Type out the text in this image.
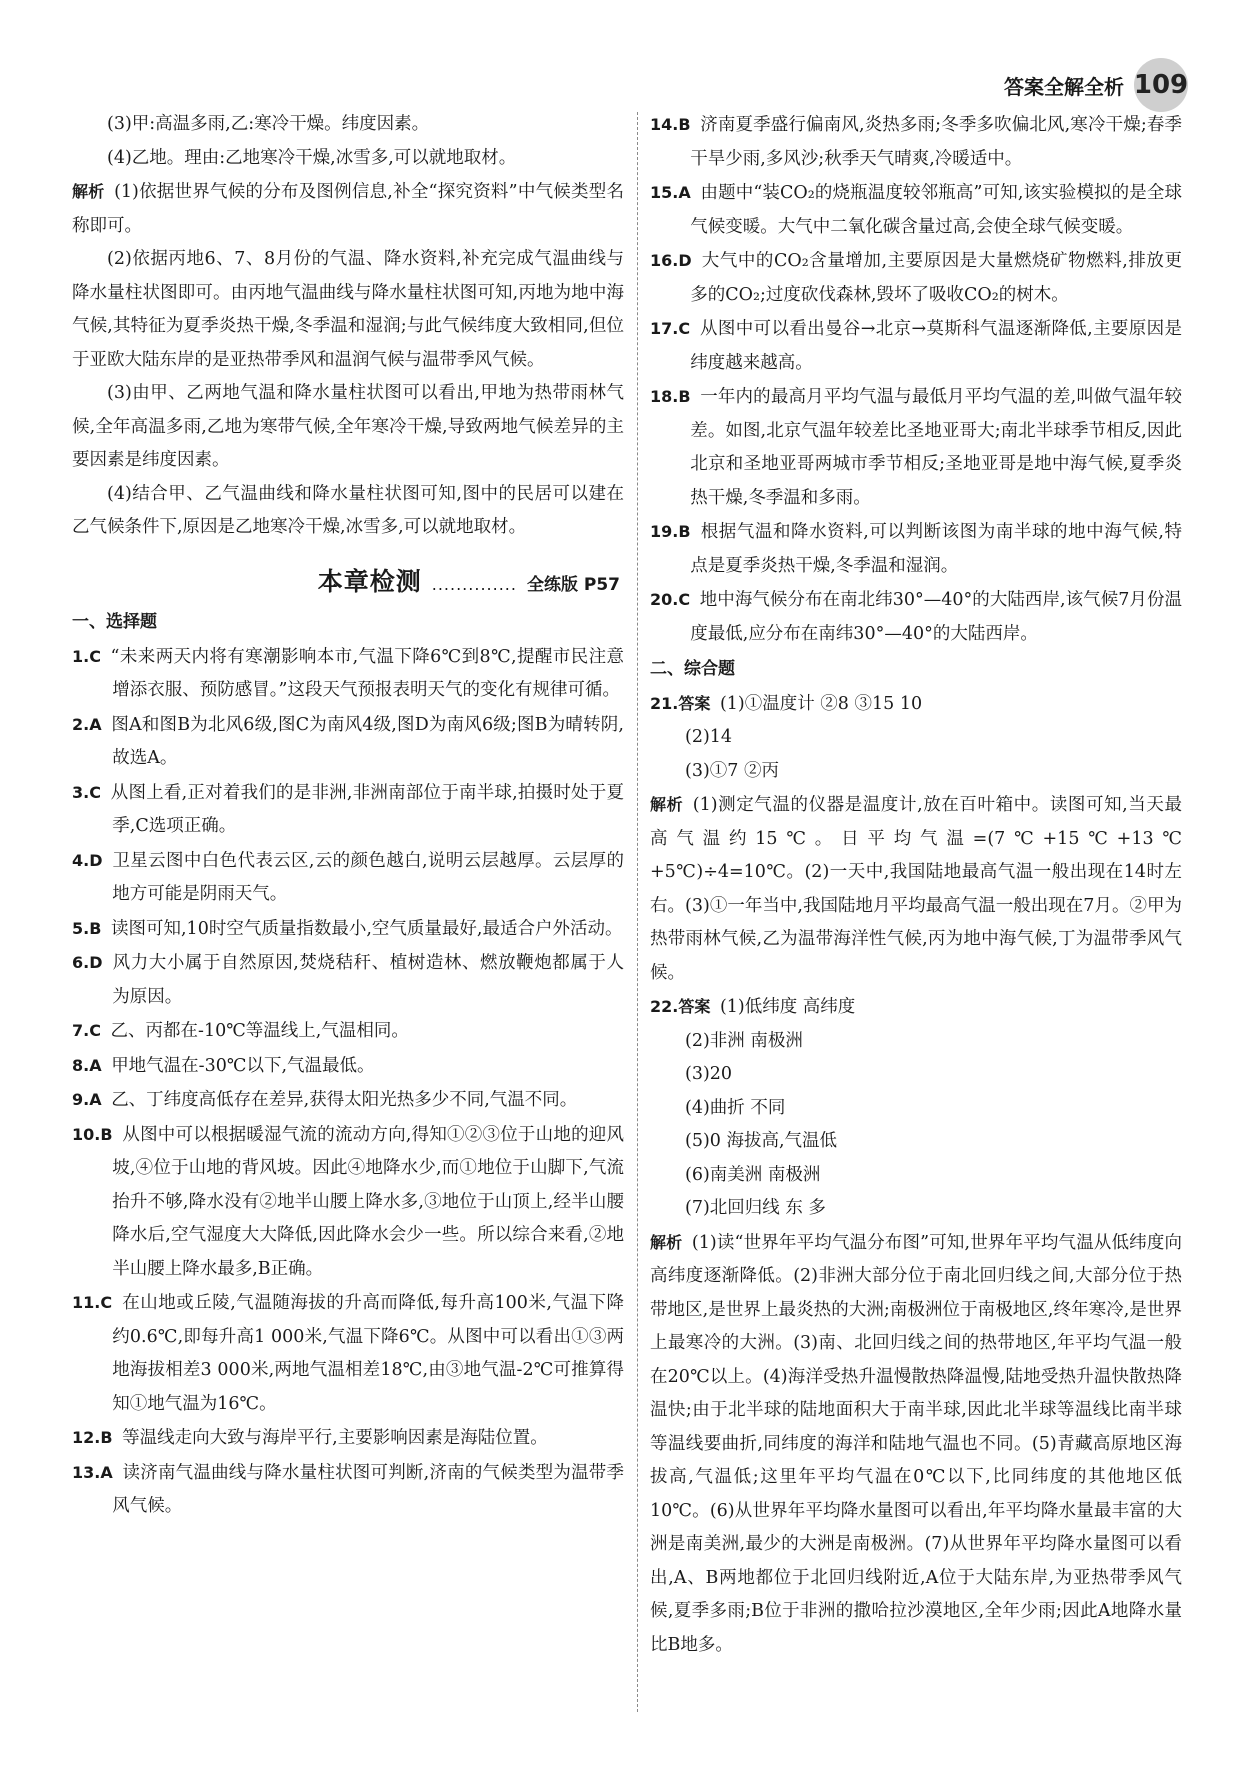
答案全解全析 109

(3)甲:高温多雨,乙:寒冷干燥。纬度因素。

(4)乙地。理由:乙地寒冷干燥,冰雪多,可以就地取材。

解析 (1)依据世界气候的分布及图例信息,补全“探究资料”中气候类型名称即可。

(2)依据丙地6、7、8月份的气温、降水资料,补充完成气温曲线与降水量柱状图即可。由丙地气温曲线与降水量柱状图可知,丙地为地中海气候,其特征为夏季炎热干燥,冬季温和湿润;与此气候纬度大致相同,但位于亚欧大陆东岸的是亚热带季风和温润气候与温带季风气候。

(3)由甲、乙两地气温和降水量柱状图可以看出,甲地为热带雨林气候,全年高温多雨,乙地为寒带气候,全年寒冷干燥,导致两地气候差异的主要因素是纬度因素。

(4)结合甲、乙气温曲线和降水量柱状图可知,图中的民居可以建在乙气候条件下,原因是乙地寒冷干燥,冰雪多,可以就地取材。

本章检测 .............. 全练版 P57

一、选择题

1.C “未来两天内将有寒潮影响本市,气温下降6℃到8℃,提醒市民注意增添衣服、预防感冒。”这段天气预报表明天气的变化有规律可循。

2.A 图A和图B为北风6级,图C为南风4级,图D为南风6级;图B为晴转阴,故选A。

3.C 从图上看,正对着我们的是非洲,非洲南部位于南半球,拍摄时处于夏季,C选项正确。

4.D 卫星云图中白色代表云区,云的颜色越白,说明云层越厚。云层厚的地方可能是阴雨天气。

5.B 读图可知,10时空气质量指数最小,空气质量最好,最适合户外活动。

6.D 风力大小属于自然原因,焚烧秸秆、植树造林、燃放鞭炮都属于人为原因。

7.C 乙、丙都在-10℃等温线上,气温相同。

8.A 甲地气温在-30℃以下,气温最低。

9.A 乙、丁纬度高低存在差异,获得太阳光热多少不同,气温不同。

10.B 从图中可以根据暖湿气流的流动方向,得知①②③位于山地的迎风坡,④位于山地的背风坡。因此④地降水少,而①地位于山脚下,气流抬升不够,降水没有②地半山腰上降水多,③地位于山顶上,经半山腰降水后,空气湿度大大降低,因此降水会少一些。所以综合来看,②地半山腰上降水最多,B正确。

11.C 在山地或丘陵,气温随海拔的升高而降低,每升高100米,气温下降约0.6℃,即每升高1 000米,气温下降6℃。从图中可以看出①③两地海拔相差3 000米,两地气温相差18℃,由③地气温-2℃可推算得知①地气温为16℃。

12.B 等温线走向大致与海岸平行,主要影响因素是海陆位置。

13.A 读济南气温曲线与降水量柱状图可判断,济南的气候类型为温带季风气候。

14.B 济南夏季盛行偏南风,炎热多雨;冬季多吹偏北风,寒冷干燥;春季干旱少雨,多风沙;秋季天气晴爽,冷暖适中。

15.A 由题中“装CO₂的烧瓶温度较邻瓶高”可知,该实验模拟的是全球气候变暖。大气中二氧化碳含量过高,会使全球气候变暖。

16.D 大气中的CO₂含量增加,主要原因是大量燃烧矿物燃料,排放更多的CO₂;过度砍伐森林,毁坏了吸收CO₂的树木。

17.C 从图中可以看出曼谷→北京→莫斯科气温逐渐降低,主要原因是纬度越来越高。

18.B 一年内的最高月平均气温与最低月平均气温的差,叫做气温年较差。如图,北京气温年较差比圣地亚哥大;南北半球季节相反,因此北京和圣地亚哥两城市季节相反;圣地亚哥是地中海气候,夏季炎热干燥,冬季温和多雨。

19.B 根据气温和降水资料,可以判断该图为南半球的地中海气候,特点是夏季炎热干燥,冬季温和湿润。

20.C 地中海气候分布在南北纬30°—40°的大陆西岸,该气候7月份温度最低,应分布在南纬30°—40°的大陆西岸。

二、综合题

21.答案 (1)①温度计 ②8 ③15 10

(2)14

(3)①7 ②丙

解析 (1)测定气温的仪器是温度计,放在百叶箱中。读图可知,当天最高气温约15℃。日平均气温=(7℃+15℃+13℃+5℃)÷4=10℃。(2)一天中,我国陆地最高气温一般出现在14时左右。(3)①一年当中,我国陆地月平均最高气温一般出现在7月。②甲为热带雨林气候,乙为温带海洋性气候,丙为地中海气候,丁为温带季风气候。

22.答案 (1)低纬度 高纬度

(2)非洲 南极洲

(3)20

(4)曲折 不同

(5)0 海拔高,气温低

(6)南美洲 南极洲

(7)北回归线 东 多

解析 (1)读“世界年平均气温分布图”可知,世界年平均气温从低纬度向高纬度逐渐降低。(2)非洲大部分位于南北回归线之间,大部分位于热带地区,是世界上最炎热的大洲;南极洲位于南极地区,终年寒冷,是世界上最寒冷的大洲。(3)南、北回归线之间的热带地区,年平均气温一般在20℃以上。(4)海洋受热升温慢散热降温慢,陆地受热升温快散热降温快;由于北半球的陆地面积大于南半球,因此北半球等温线比南半球等温线要曲折,同纬度的海洋和陆地气温也不同。(5)青藏高原地区海拔高,气温低;这里年平均气温在0℃以下,比同纬度的其他地区低10℃。(6)从世界年平均降水量图可以看出,年平均降水量最丰富的大洲是南美洲,最少的大洲是南极洲。(7)从世界年平均降水量图可以看出,A、B两地都位于北回归线附近,A位于大陆东岸,为亚热带季风气候,夏季多雨;B位于非洲的撒哈拉沙漠地区,全年少雨;因此A地降水量比B地多。
